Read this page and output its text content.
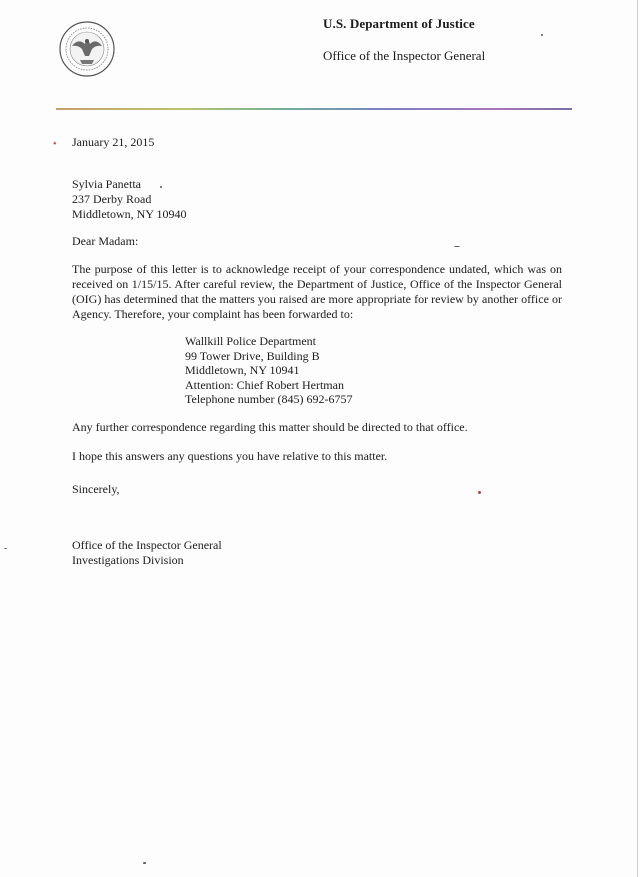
U.S. Department of Justice
Office of the Inspector General
• January 21, 2015
Sylvia Panetta
237 Derby Road
Middletown, NY 10940
Dear Madam:
The purpose of this letter is to acknowledge receipt of your correspondence undated, which was on received on 1/15/15. After careful review, the Department of Justice, Office of the Inspector General (OIG) has determined that the matters you raised are more appropriate for review by another office or Agency. Therefore, your complaint has been forwarded to:
Wallkill Police Department
99 Tower Drive, Building B
Middletown, NY 10941
Attention: Chief Robert Hertman
Telephone number (845) 692-6757
Any further correspondence regarding this matter should be directed to that office.
I hope this answers any questions you have relative to this matter.
Sincerely,
Office of the Inspector General
Investigations Division
